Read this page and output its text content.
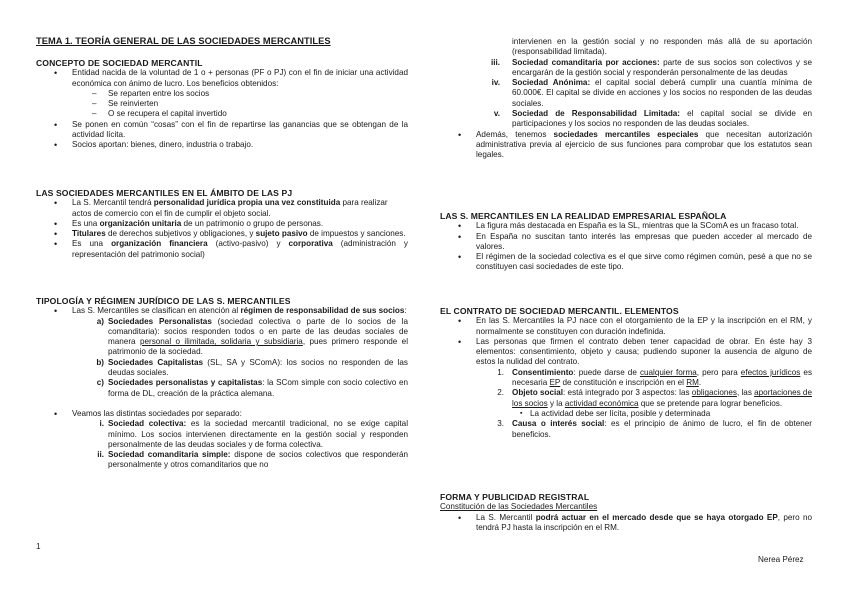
TEMA 1. TEORÍA GENERAL DE LAS SOCIEDADES MERCANTILES

CONCEPTO DE SOCIEDAD MERCANTIL

• Entidad nacida de la voluntad de 1 o + personas (PF o PJ) con el fin de iniciar una actividad económica con ánimo de lucro. Los beneficios obtenidos:
– Se reparten entre los socios
– Se reinvierten
– O se recupera el capital invertido
• Se ponen en común “cosas” con el fin de repartirse las ganancias que se obtengan de la actividad lícita.
• Socios aportan: bienes, dinero, industria o trabajo.

LAS SOCIEDADES MERCANTILES EN EL ÁMBITO DE LAS PJ

• La S. Mercantil tendrá personalidad jurídica propia una vez constituida para realizar actos de comercio con el fin de cumplir el objeto social.
• Es una organización unitaria de un patrimonio o grupo de personas.
• Titulares de derechos subjetivos y obligaciones, y sujeto pasivo de impuestos y sanciones.
• Es una organización financiera (activo-pasivo) y corporativa (administración y representación del patrimonio social)

TIPOLOGÍA Y RÉGIMEN JURÍDICO DE LAS S. MERCANTILES

• Las S. Mercantiles se clasifican en atención al régimen de responsabilidad de sus socios:
a) Sociedades Personalistas (sociedad colectiva o parte de lo socios de la comanditaria): socios responden todos o en parte de las deudas sociales de manera personal o ilimitada, solidaria y subsidiaria, pues primero responde el patrimonio de la sociedad.
b) Sociedades Capitalistas (SL, SA y SComA): los socios no responden de las deudas sociales.
c) Sociedades personalistas y capitalistas: la SCom simple con socio colectivo en forma de DL, creación de la práctica alemana.
• Veamos las distintas sociedades por separado:
i. Sociedad colectiva: es la sociedad mercantil tradicional, no se exige capital mínimo. Los socios intervienen directamente en la gestión social y responden personalmente de las deudas sociales y de forma colectiva.
ii. Sociedad comanditaria simple: dispone de socios colectivos que responderán personalmente y otros comanditarios que no
intervienen en la gestión social y no responden más allá de su aportación (responsabilidad limitada).
iii. Sociedad comanditaria por acciones: parte de sus socios son colectivos y se encargarán de la gestión social y responderán personalmente de las deudas
iv. Sociedad Anónima: el capital social deberá cumplir una cuantía mínima de 60.000€. El capital se divide en acciones y los socios no responden de las deudas sociales.
v. Sociedad de Responsabilidad Limitada: el capital social se divide en participaciones y los socios no responden de las deudas sociales.
• Además, tenemos sociedades mercantiles especiales que necesitan autorización administrativa previa al ejercicio de sus funciones para comprobar que los estatutos sean legales.

LAS S. MERCANTILES EN LA REALIDAD EMPRESARIAL ESPAÑOLA

• La figura más destacada en España es la SL, mientras que la SComA es un fracaso total.
• En España no suscitan tanto interés las empresas que pueden acceder al mercado de valores.
• El régimen de la sociedad colectiva es el que sirve como régimen común, pesé a que no se constituyen casi sociedades de este tipo.

EL CONTRATO DE SOCIEDAD MERCANTIL. ELEMENTOS

• En las S. Mercantiles la PJ nace con el otorgamiento de la EP y la inscripción en el RM, y normalmente se constituyen con duración indefinida.
• Las personas que firmen el contrato deben tener capacidad de obrar. En éste hay 3 elementos: consentimiento, objeto y causa; pudiendo suponer la ausencia de alguno de estos la nulidad del contrato.
1. Consentimiento: puede darse de cualquier forma, pero para efectos jurídicos es necesaria EP de constitución e inscripción en el RM.
2. Objeto social: está integrado por 3 aspectos: las obligaciones, las aportaciones de los socios y la actividad económica que se pretende para lograr beneficios.
▪ La actividad debe ser lícita, posible y determinada
3. Causa o interés social: es el principio de ánimo de lucro, el fin de obtener beneficios.

FORMA Y PUBLICIDAD REGISTRAL

Constitución de las Sociedades Mercantiles
• La S. Mercantil podrá actuar en el mercado desde que se haya otorgado EP, pero no tendrá PJ hasta la inscripción en el RM.
1
Nerea Pérez
